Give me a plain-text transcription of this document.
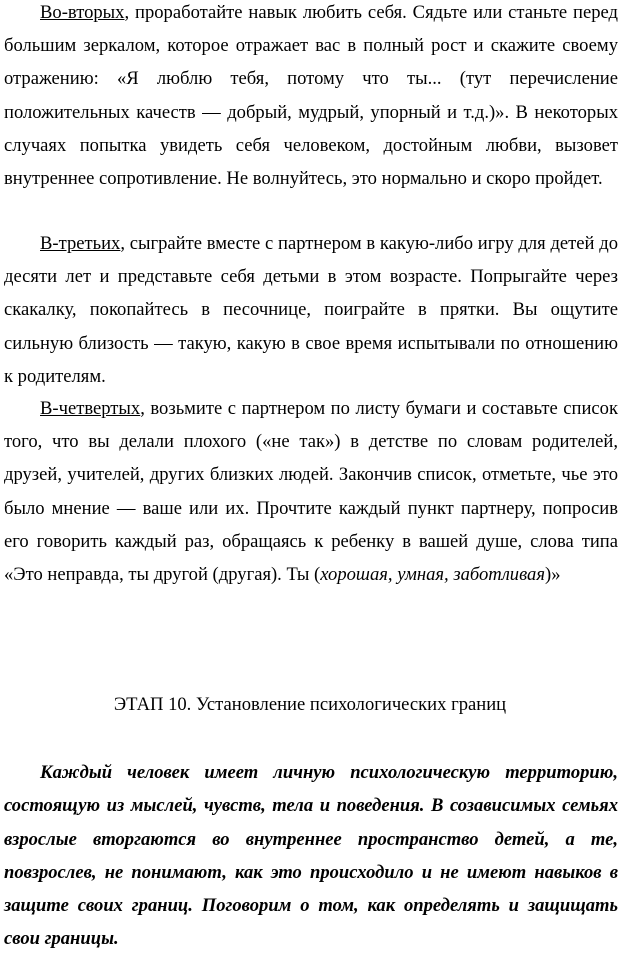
Во-вторых, проработайте навык любить себя. Сядьте или станьте перед большим зеркалом, которое отражает вас в полный рост и скажите своему отражению: «Я люблю тебя, потому что ты... (тут перечисление положительных качеств — добрый, мудрый, упорный и т.д.)». В некоторых случаях попытка увидеть себя человеком, достойным любви, вызовет внутреннее сопротивление. Не волнуйтесь, это нормально и скоро пройдет.

В-третьих, сыграйте вместе с партнером в какую-либо игру для детей до десяти лет и представьте себя детьми в этом возрасте. Попрыгайте через скакалку, покопайтесь в песочнице, поиграйте в прятки. Вы ощутите сильную близость — такую, какую в свое время испытывали по отношению к родителям.

В-четвертых, возьмите с партнером по листу бумаги и составьте список того, что вы делали плохого («не так») в детстве по словам родителей, друзей, учителей, других близких людей. Закончив список, отметьте, чье это было мнение — ваше или их. Прочтите каждый пункт партнеру, попросив его говорить каждый раз, обращаясь к ребенку в вашей душе, слова типа «Это неправда, ты другой (другая). Ты (хорошая, умная, заботливая)»

ЭТАП 10. Установление психологических границ

Каждый человек имеет личную психологическую территорию, состоящую из мыслей, чувств, тела и поведения. В созависимых семьях взрослые вторгаются во внутреннее пространство детей, а те, повзрослев, не понимают, как это происходило и не имеют навыков в защите своих границ. Поговорим о том, как определять и защищать свои границы.
